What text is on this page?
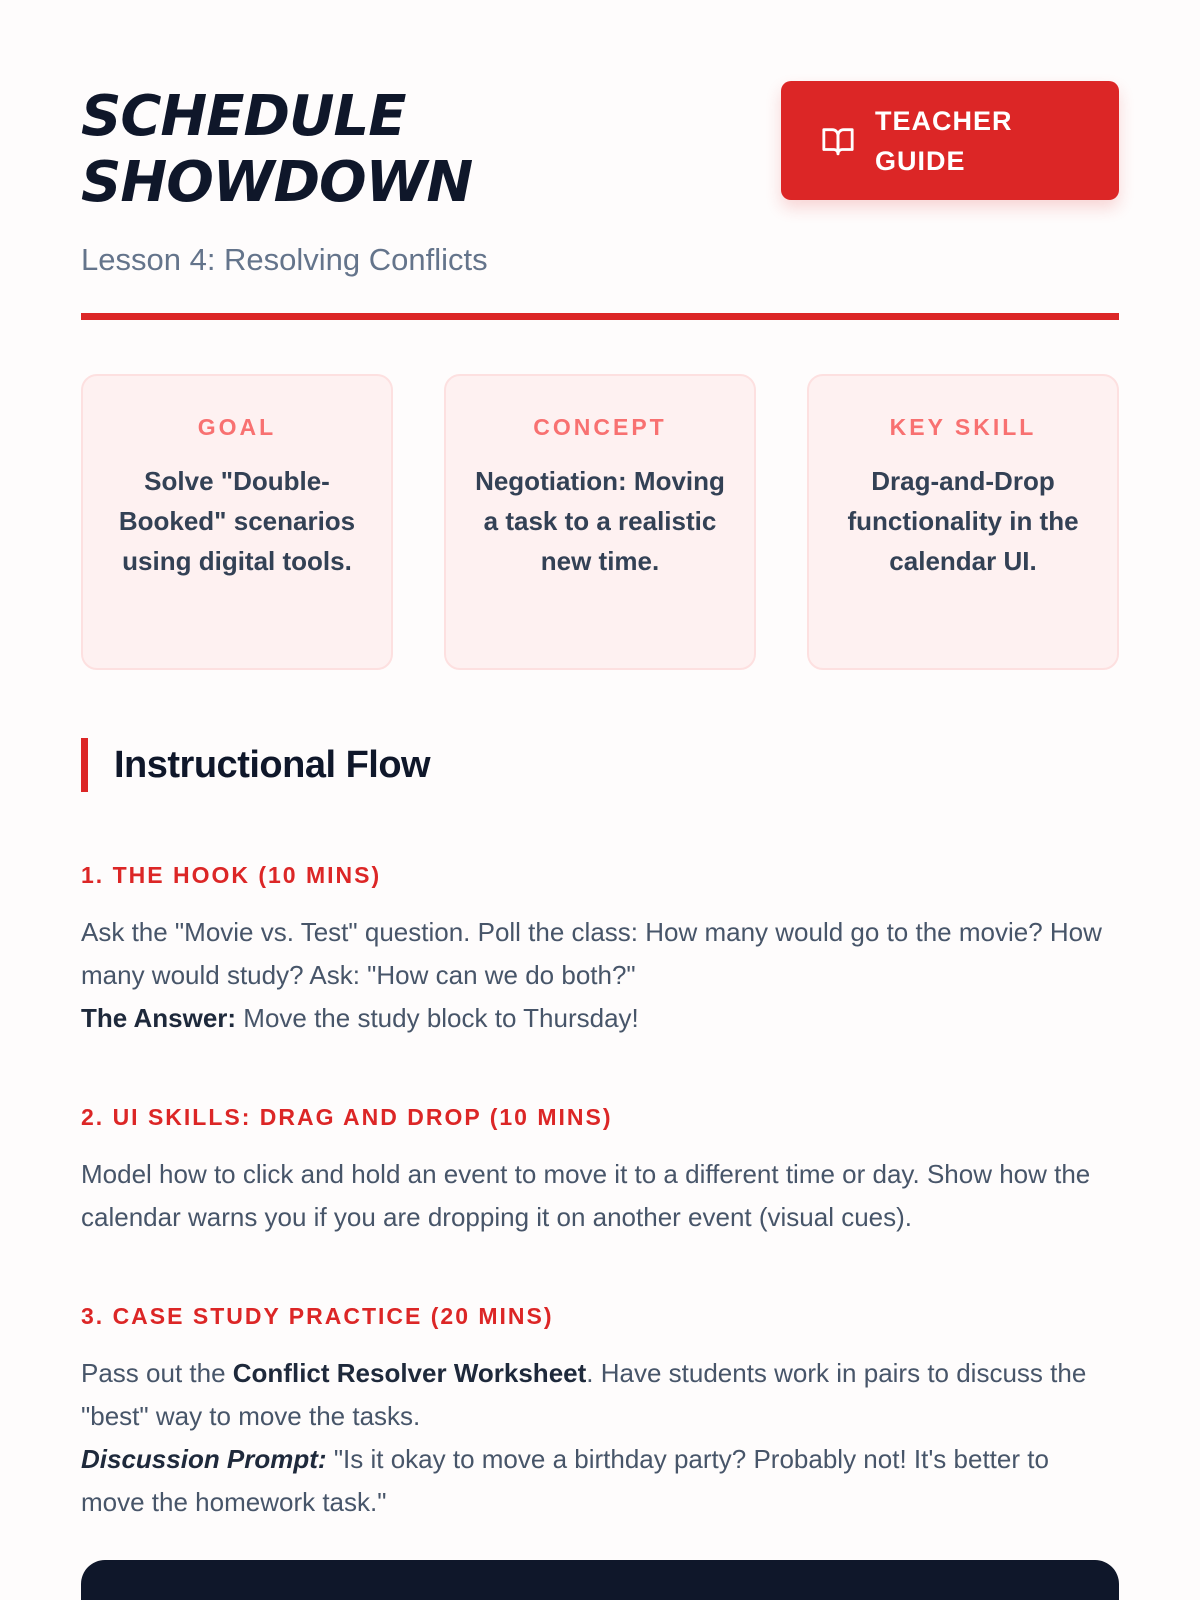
SCHEDULE
SHOWDOWN

Lesson 4: Resolving Conflicts

TEACHER
GUIDE
GOAL
Solve "Double-Booked" scenarios using digital tools.
CONCEPT
Negotiation: Moving a task to a realistic new time.
KEY SKILL
Drag-and-Drop functionality in the calendar UI.
Instructional Flow
1. THE HOOK (10 MINS)
Ask the "Movie vs. Test" question. Poll the class: How many would go to the movie? How many would study? Ask: "How can we do both?"
The Answer: Move the study block to Thursday!
2. UI SKILLS: DRAG AND DROP (10 MINS)
Model how to click and hold an event to move it to a different time or day. Show how the calendar warns you if you are dropping it on another event (visual cues).
3. CASE STUDY PRACTICE (20 MINS)
Pass out the Conflict Resolver Worksheet. Have students work in pairs to discuss the "best" way to move the tasks.
Discussion Prompt: "Is it okay to move a birthday party? Probably not! It's better to move the homework task."
